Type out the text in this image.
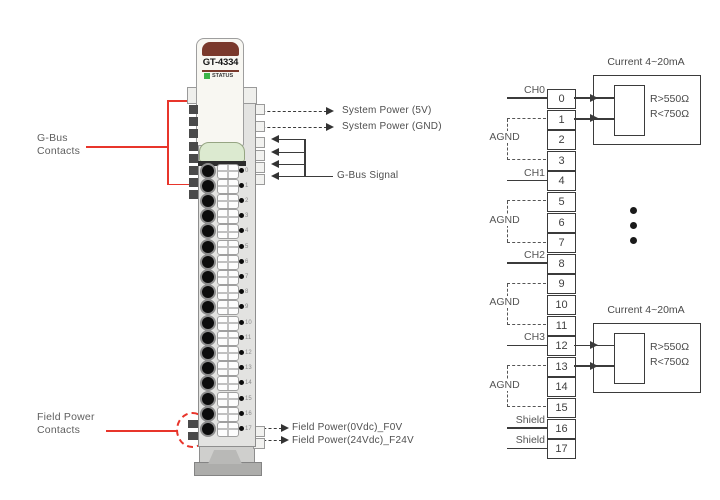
G-Bus
Contacts
Field Power
Contacts
GT-4334
STATUS
System Power (5V)
System Power (GND)
G-Bus Signal
Field Power(0Vdc)_F0V
Field Power(24Vdc)_F24V
Current 4~20mA
R>550Ω
R<750Ω
Current 4~20mA
R>550Ω
R<750Ω
0
1
2
3
4
5
6
7
8
9
10
11
12
13
14
15
16
17
0
1
2
3
4
5
6
7
8
9
10
11
12
13
14
15
16
17
CH0
CH1
CH2
CH3
Shield
Shield
AGND
AGND
AGND
AGND
